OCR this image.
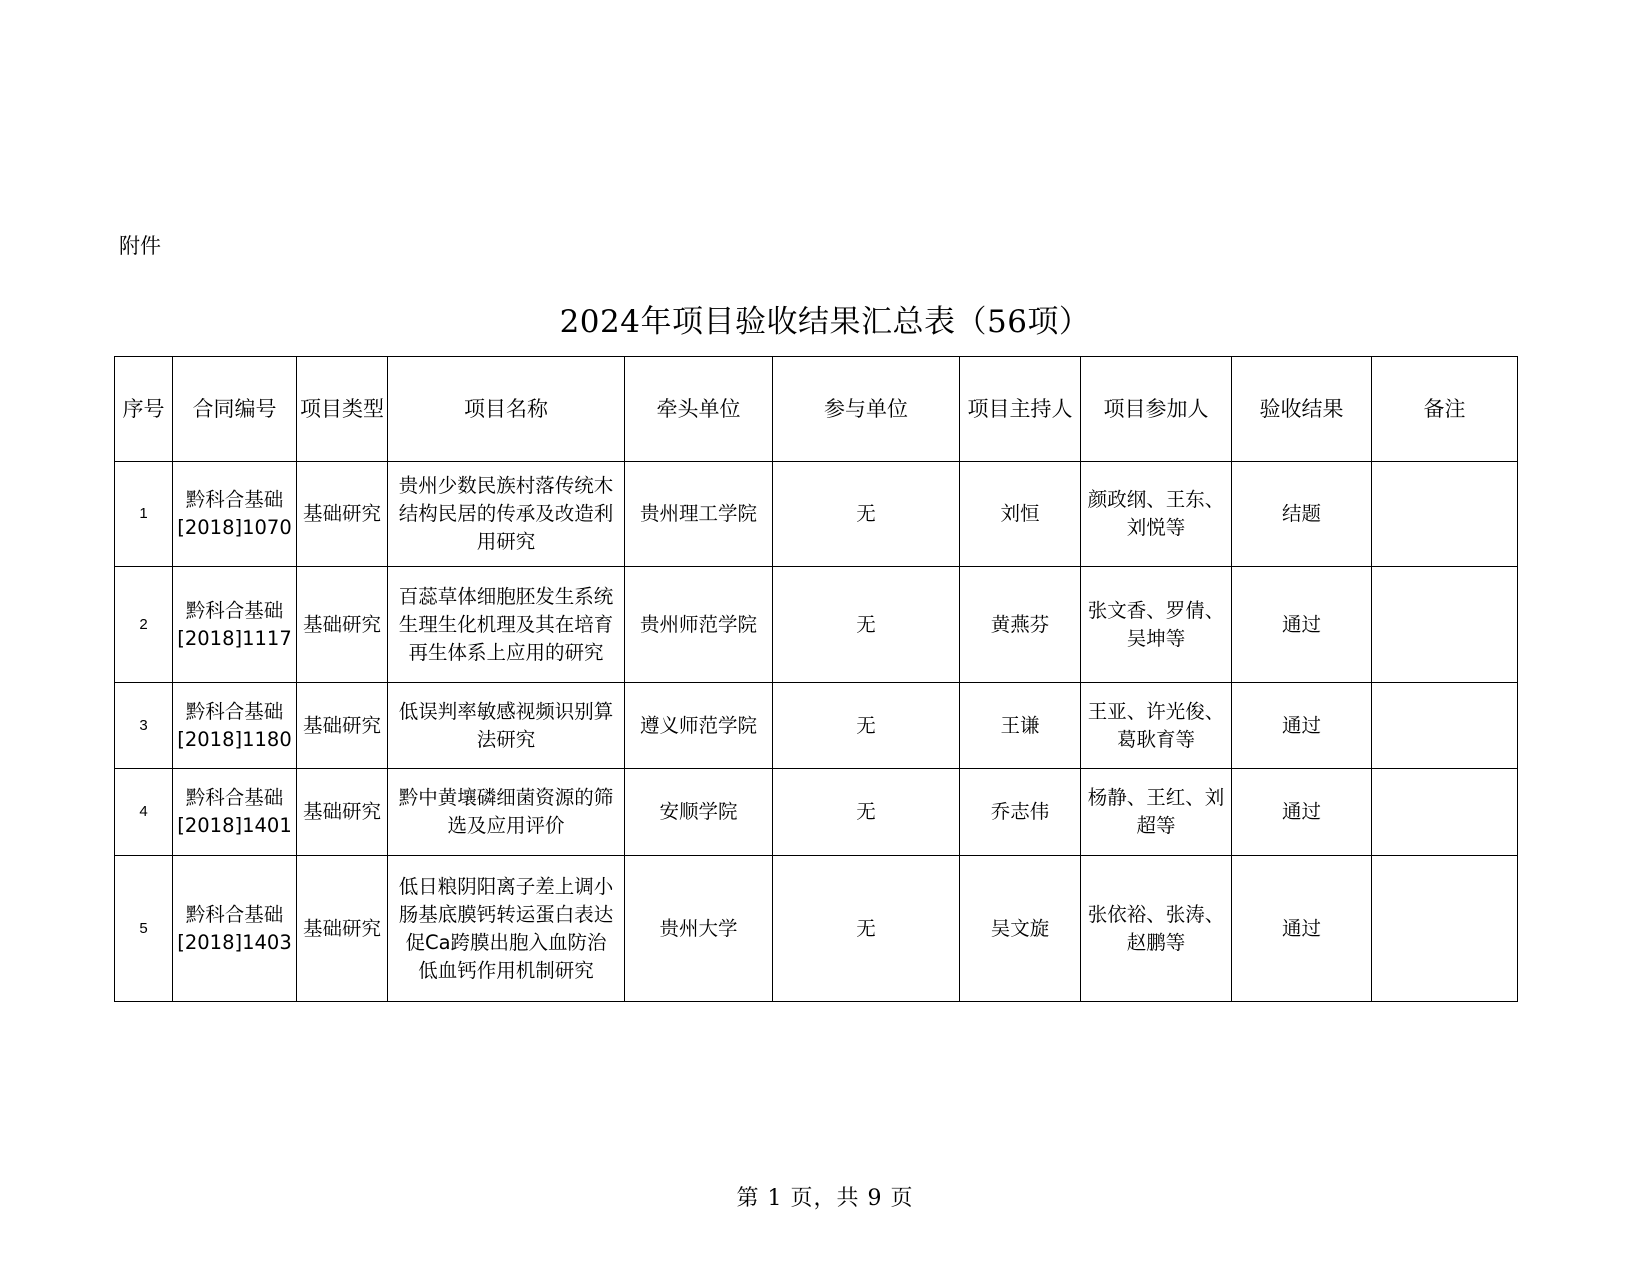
附件
2024年项目验收结果汇总表（56项）
序号	合同编号	项目类型	项目名称	牵头单位	参与单位	项目主持人	项目参加人	验收结果	备注
1	黔科合基础[2018]1070	基础研究	贵州少数民族村落传统木结构民居的传承及改造利用研究	贵州理工学院	无	刘恒	颜政纲、王东、刘悦等	结题	
2	黔科合基础[2018]1117	基础研究	百蕊草体细胞胚发生系统生理生化机理及其在培育再生体系上应用的研究	贵州师范学院	无	黄燕芬	张文香、罗倩、吴坤等	通过	
3	黔科合基础[2018]1180	基础研究	低误判率敏感视频识别算法研究	遵义师范学院	无	王谦	王亚、许光俊、葛耿育等	通过	
4	黔科合基础[2018]1401	基础研究	黔中黄壤磷细菌资源的筛选及应用评价	安顺学院	无	乔志伟	杨静、王红、刘超等	通过	
5	黔科合基础[2018]1403	基础研究	低日粮阴阳离子差上调小肠基底膜钙转运蛋白表达促Ca跨膜出胞入血防治低血钙作用机制研究	贵州大学	无	吴文旋	张依裕、张涛、赵鹏等	通过	
第 1 页，共 9 页
